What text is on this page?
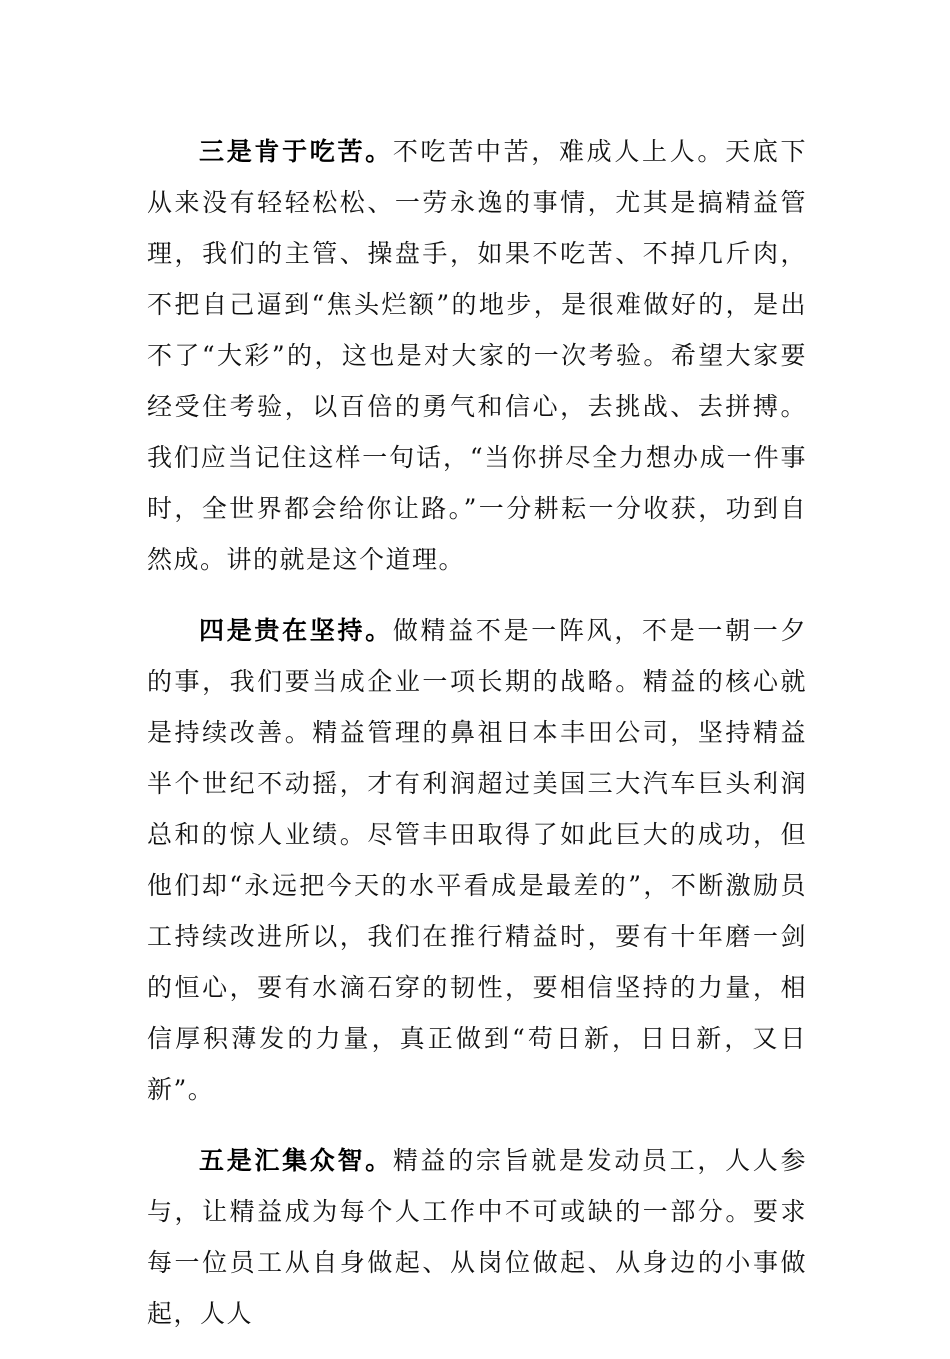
三是肯于吃苦。不吃苦中苦，难成人上人。天底下从来没有轻轻松松、一劳永逸的事情，尤其是搞精益管理，我们的主管、操盘手，如果不吃苦、不掉几斤肉，不把自己逼到“焦头烂额”的地步，是很难做好的，是出不了“大彩”的，这也是对大家的一次考验。希望大家要经受住考验，以百倍的勇气和信心，去挑战、去拼搏。我们应当记住这样一句话，“当你拼尽全力想办成一件事时，全世界都会给你让路。”一分耕耘一分收获，功到自然成。讲的就是这个道理。

四是贵在坚持。做精益不是一阵风，不是一朝一夕的事，我们要当成企业一项长期的战略。精益的核心就是持续改善。精益管理的鼻祖日本丰田公司，坚持精益半个世纪不动摇，才有利润超过美国三大汽车巨头利润总和的惊人业绩。尽管丰田取得了如此巨大的成功，但他们却“永远把今天的水平看成是最差的”，不断激励员工持续改进所以，我们在推行精益时，要有十年磨一剑的恒心，要有水滴石穿的韧性，要相信坚持的力量，相信厚积薄发的力量，真正做到“苟日新，日日新，又日新”。

五是汇集众智。精益的宗旨就是发动员工，人人参与，让精益成为每个人工作中不可或缺的一部分。要求每一位员工从自身做起、从岗位做起、从身边的小事做起，人人
